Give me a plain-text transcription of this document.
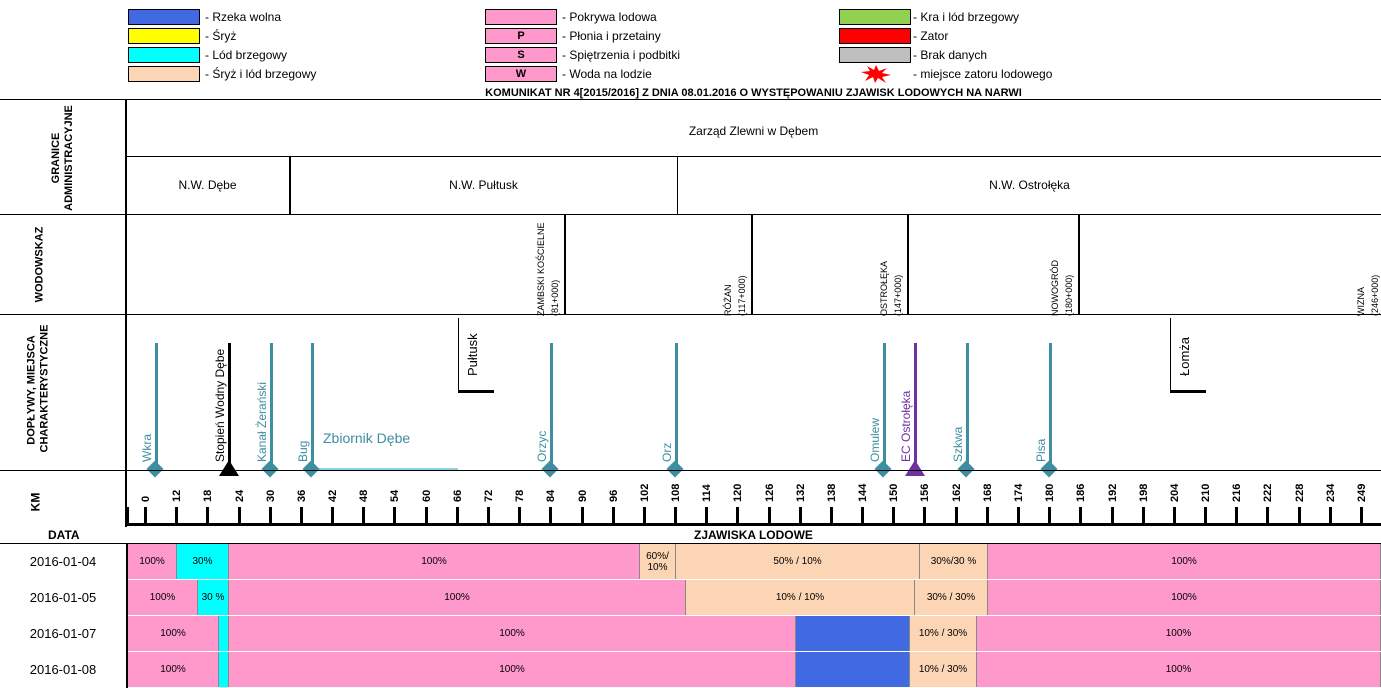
- Rzeka wolna
- Śryż
- Lód brzegowy
- Śryż i lód brzegowy
- Pokrywa lodowa
P	- Płonia i przetainy
S	- Spiętrzenia i podbitki
W	- Woda na lodzie
- Kra i lód brzegowy
- Zator
- Brak danych
- miejsce zatoru lodowego
KOMUNIKAT NR 4[2015/2016] Z DNIA 08.01.2016 O WYSTĘPOWANIU ZJAWISK LODOWYCH NA NARWI
GRANICE ADMINISTRACYJNE	Zarząd Zlewni w Dębem
N.W. Dębe	N.W. Pułtusk	N.W. Ostrołęka
WODOWSKAZ	ZAMBSKI KOŚCIELNE (81+000)	RÓŻAN (117+000)	OSTROŁĘKA (147+000)	NOWOGRÓD (180+000)	WIZNA (246+000)
DOPŁYWY, MIEJSCA CHARAKTERYSTYCZNE	Zbiornik Dębe
Wkra	Stopień Wodny Dębe Kanał Żerański Bug	Orzyc	Orz	Omulew EC Ostrołęka	Szkwa	Pisa
Pułtusk	Łomża
KM	0 12 18 24 30 36 42 48 54 60 66 72 78 84 90 96 102 108 114 120 126 132 138 144 150 156 162 168 174 180 186 192 198 204 210 216 222 228 234 249
DATA	ZJAWISKA LODOWE
2016-01-04	100%	30%	100%	60%/ 10%	50% / 10%	30%/30 %	100%
2016-01-05	100%	30 %	100%	10% / 10%	30% / 30%	100%
2016-01-07	100%	100%	10% / 30%	100%
2016-01-08	100%	100%	10% / 30%	100%
